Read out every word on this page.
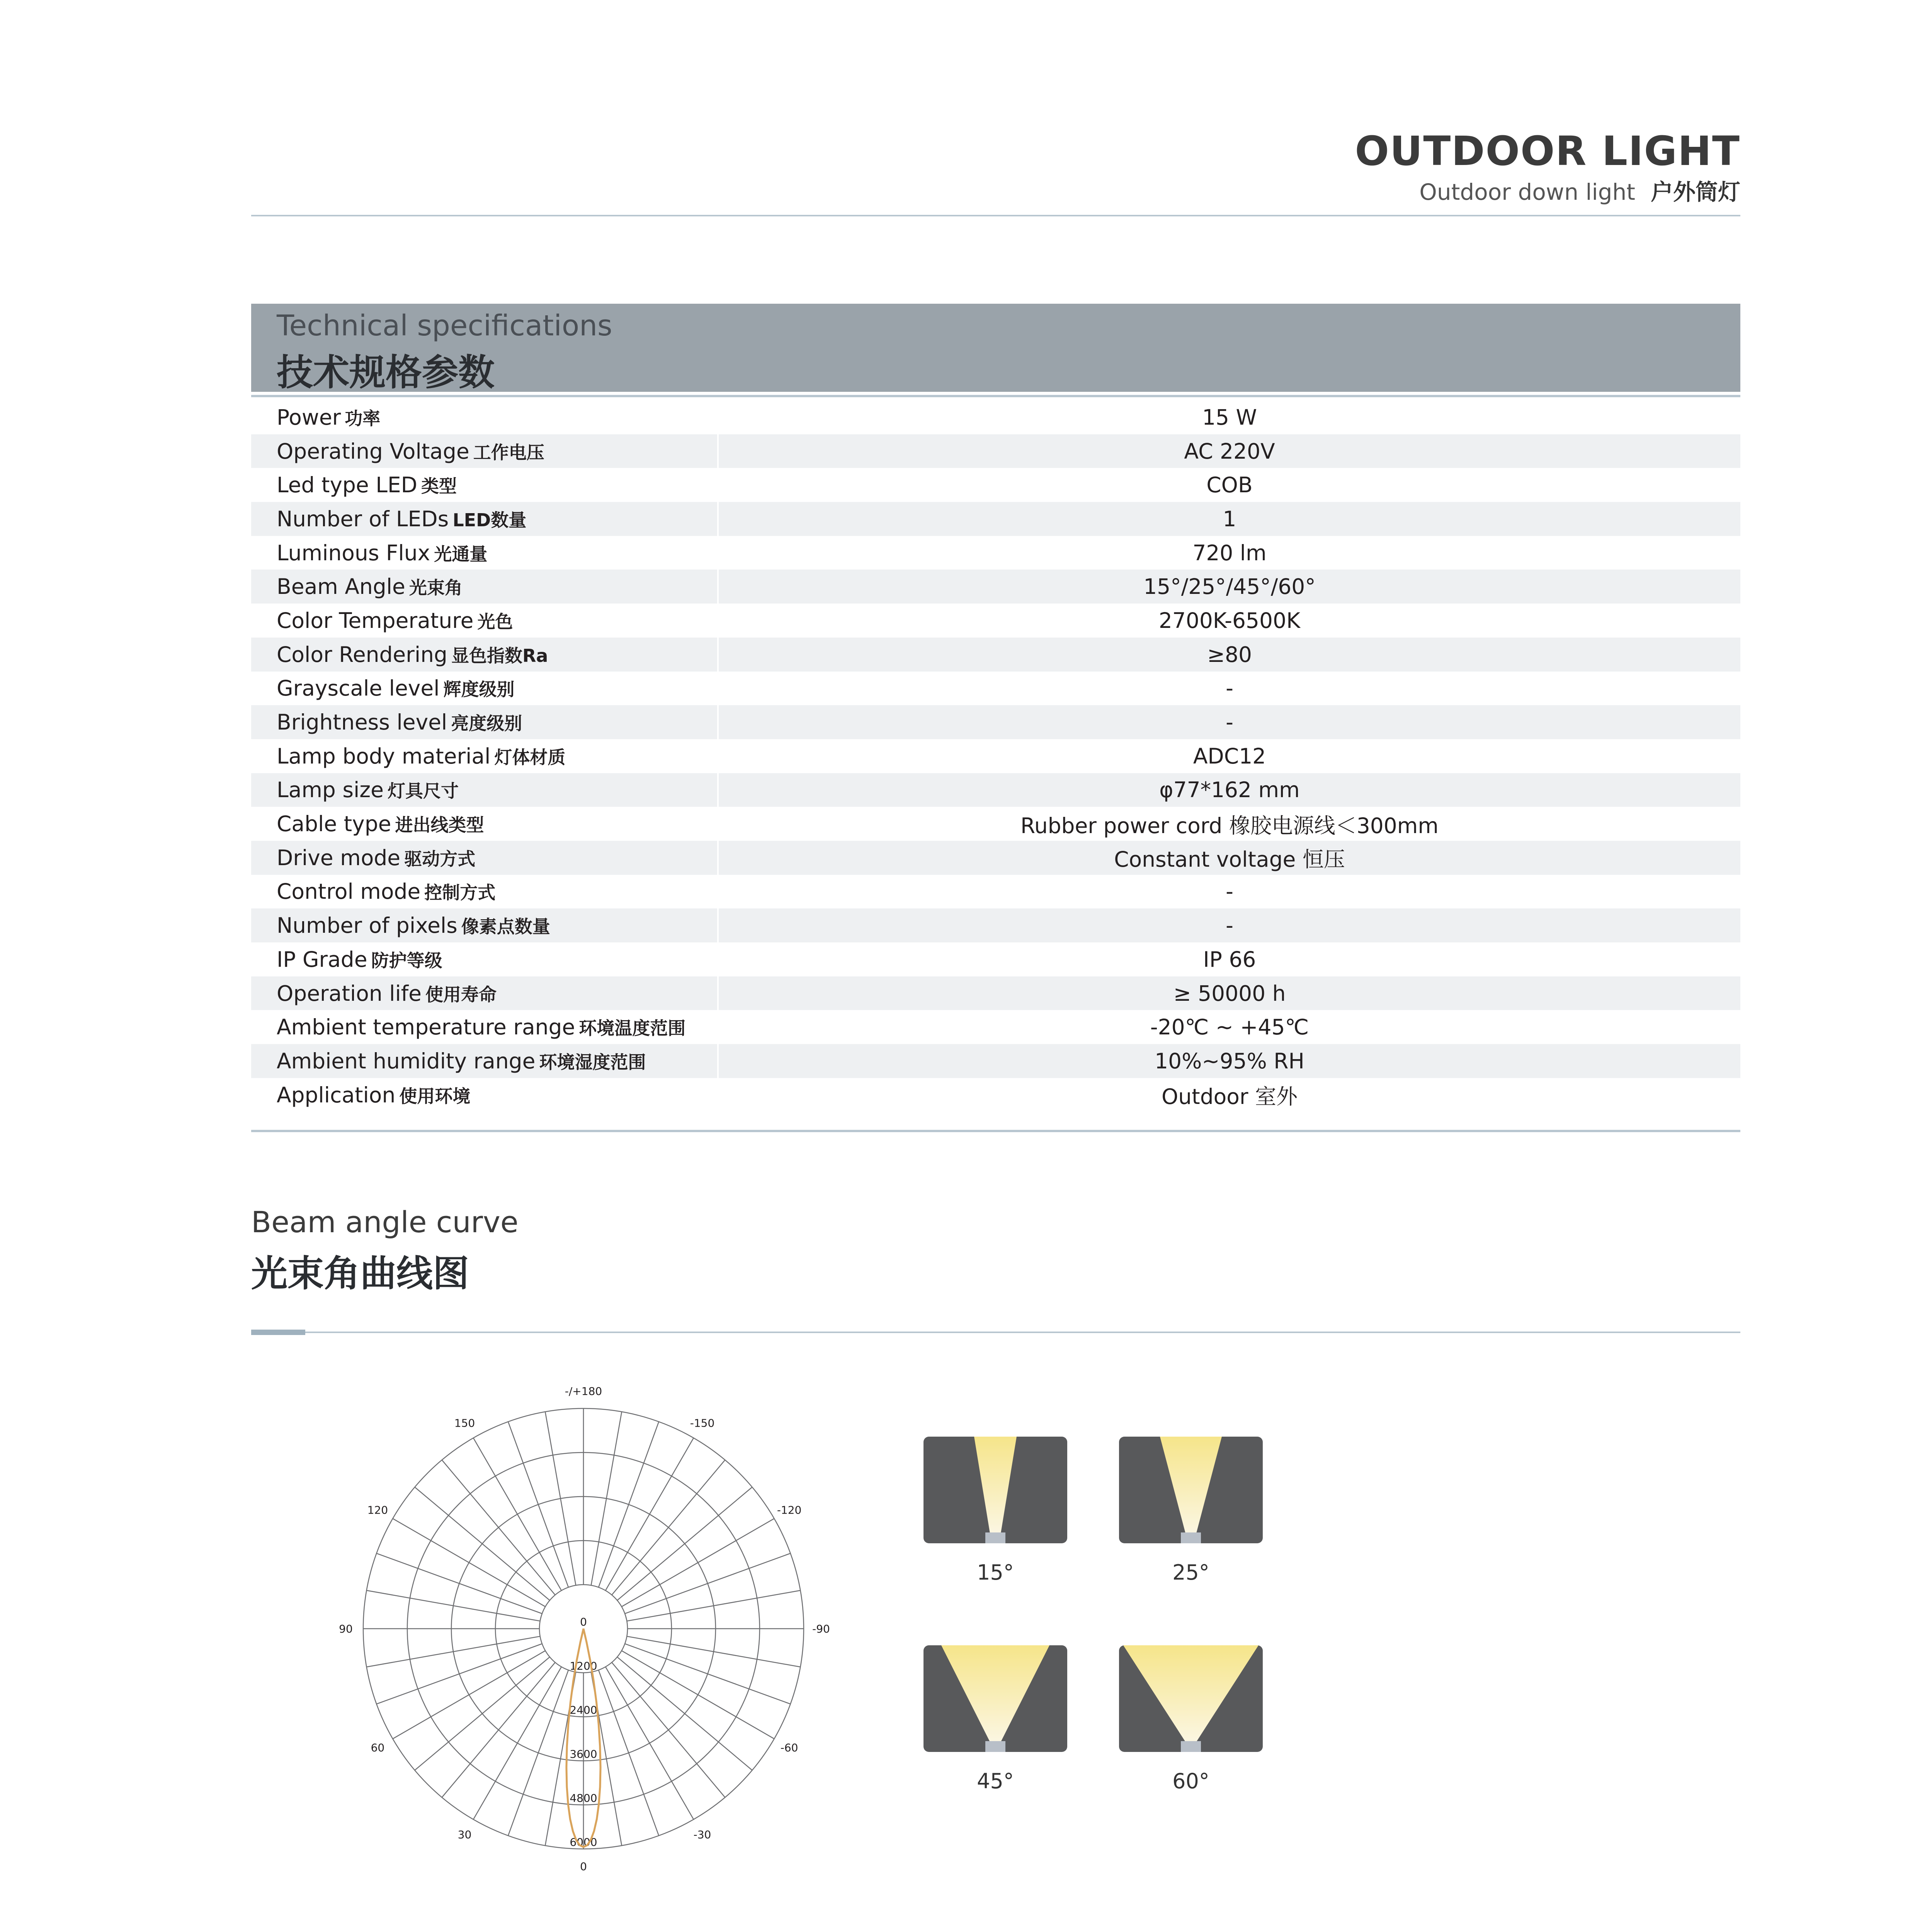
OUTDOOR LIGHT
Outdoor down light 户外筒灯
Technical specifications
技术规格参数
Power 功率	15 W
Operating Voltage 工作电压	AC 220V
Led type LED 类型	COB
Number of LEDs LED数量	1
Luminous Flux 光通量	720 lm
Beam Angle 光束角	15°/25°/45°/60°
Color Temperature 光色	2700K-6500K
Color Rendering 显色指数Ra	≥80
Grayscale level 辉度级别	-
Brightness level 亮度级别	-
Lamp body material 灯体材质	ADC12
Lamp size 灯具尺寸	φ77*162 mm
Cable type 进出线类型	Rubber power cord 橡胶电源线＜300mm
Drive mode 驱动方式	Constant voltage 恒压
Control mode 控制方式	-
Number of pixels 像素点数量	-
IP Grade 防护等级	IP 66
Operation life 使用寿命	≥ 50000 h
Ambient temperature range 环境温度范围	-20℃ ~ +45℃
Ambient humidity range 环境湿度范围	10%~95% RH
Application 使用环境	Outdoor 室外
Beam angle curve
光束角曲线图
-/+180
-150
150
-120
120
-90
90
-60
60
-30
30
0
0
1200
2400
3600
4800
6000
15°	25°
45°	60°
